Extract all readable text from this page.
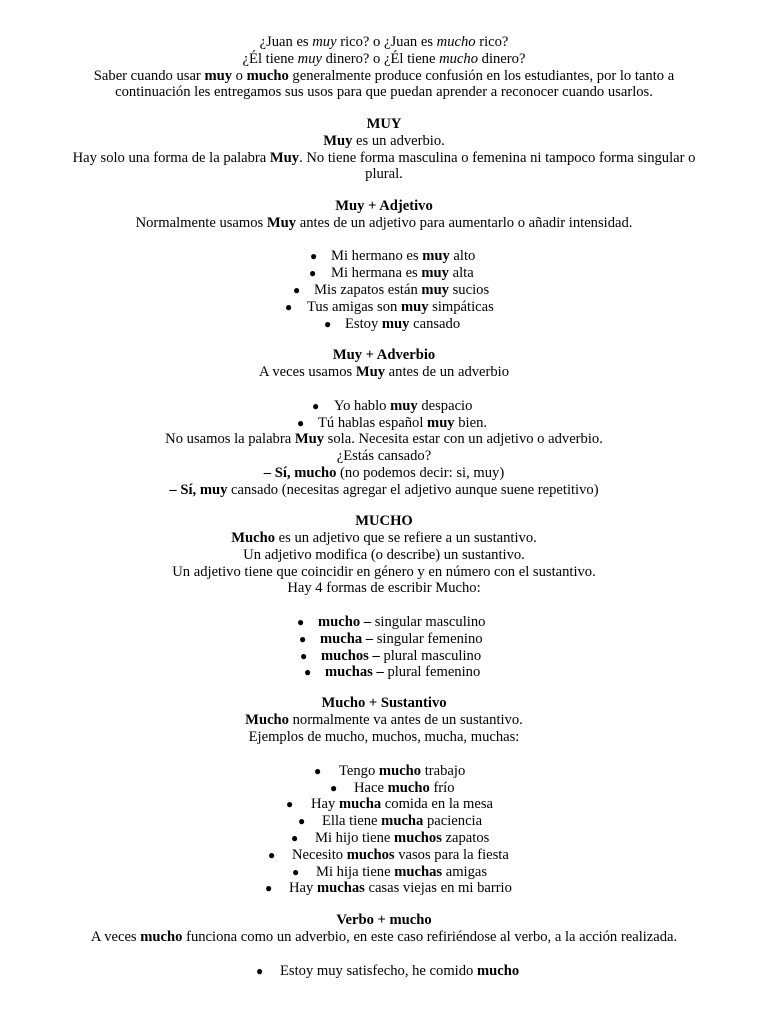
¿Juan es muy rico? o ¿Juan es mucho rico?
¿Él tiene muy dinero? o ¿Él tiene mucho dinero?
Saber cuando usar muy o mucho generalmente produce confusión en los estudiantes, por lo tanto a
continuación les entregamos sus usos para que puedan aprender a reconocer cuando usarlos.
MUY
Muy es un adverbio.
Hay solo una forma de la palabra Muy. No tiene forma masculina o femenina ni tampoco forma singular o
plural.
Muy + Adjetivo
Normalmente usamos Muy antes de un adjetivo para aumentarlo o añadir intensidad.
● Mi hermano es muy alto
● Mi hermana es muy alta
● Mis zapatos están muy sucios
● Tus amigas son muy simpáticas
● Estoy muy cansado
Muy + Adverbio
A veces usamos Muy antes de un adverbio
● Yo hablo muy despacio
● Tú hablas español muy bien.
No usamos la palabra Muy sola. Necesita estar con un adjetivo o adverbio.
¿Estás cansado?
– Sí, mucho (no podemos decir: si, muy)
– Sí, muy cansado (necesitas agregar el adjetivo aunque suene repetitivo)
MUCHO
Mucho es un adjetivo que se refiere a un sustantivo.
Un adjetivo modifica (o describe) un sustantivo.
Un adjetivo tiene que coincidir en género y en número con el sustantivo.
Hay 4 formas de escribir Mucho:
● mucho – singular masculino
● mucha – singular femenino
● muchos – plural masculino
● muchas – plural femenino
Mucho + Sustantivo
Mucho normalmente va antes de un sustantivo.
Ejemplos de mucho, muchos, mucha, muchas:
● Tengo mucho trabajo
● Hace mucho frío
● Hay mucha comida en la mesa
● Ella tiene mucha paciencia
● Mi hijo tiene muchos zapatos
● Necesito muchos vasos para la fiesta
● Mi hija tiene muchas amigas
● Hay muchas casas viejas en mi barrio
Verbo + mucho
A veces mucho funciona como un adverbio, en este caso refiriéndose al verbo, a la acción realizada.
● Estoy muy satisfecho, he comido mucho
